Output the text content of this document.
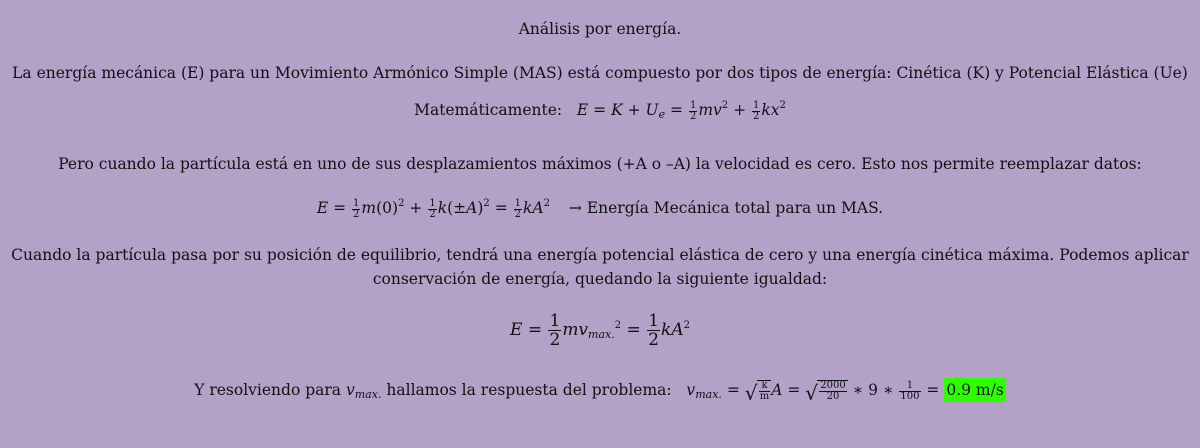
Análisis por energía.
La energía mecánica (E) para un Movimiento Armónico Simple (MAS) está compuesto por dos tipos de energía: Cinética (K) y Potencial Elástica (Ue)
Matemáticamente:   $E = K + U_e = \frac{1}{2} mv^2 + \frac{1}{2} kx^2$
Pero cuando la partícula está en uno de sus desplazamientos máximos (+A o –A) la velocidad es cero. Esto nos permite reemplazar datos:
$E = \frac{1}{2} m(0)^2 + \frac{1}{2} k(\pm A)^2 = \frac{1}{2} kA^2$ → Energía Mecánica total para un MAS.
Cuando la partícula pasa por su posición de equilibrio, tendrá una energía potencial elástica de cero y una energía cinética máxima. Podemos aplicar
conservación de energía, quedando la siguiente igualdad:
$E = \frac{1}{2} mv_{max.}^2 = \frac{1}{2} kA^2$
Y resolviendo para $v_{max.}$ hallamos la respuesta del problema:   $v_{max.}$ = √ $\frac{k}{m}$ A = √ $\frac{2000}{20}$ ∗ 9 ∗ $\frac{1}{100} = 0.9$ m/s
